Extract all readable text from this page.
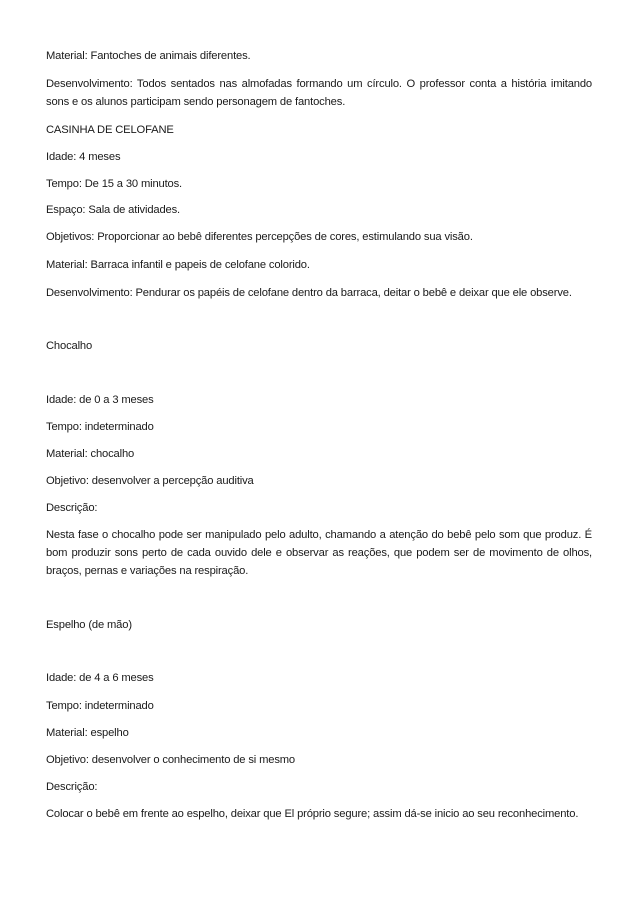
Material: Fantoches de animais diferentes.
Desenvolvimento: Todos sentados nas almofadas formando um círculo. O professor conta a história imitando sons e os alunos participam sendo personagem de fantoches.
CASINHA DE CELOFANE
Idade: 4 meses
Tempo: De 15 a 30 minutos.
Espaço: Sala de atividades.
Objetivos: Proporcionar ao bebê diferentes percepções de cores, estimulando sua visão.
Material: Barraca infantil e papeis de celofane colorido.
Desenvolvimento: Pendurar os papéis de celofane dentro da barraca, deitar o bebê e deixar que ele observe.
Chocalho
Idade: de 0 a 3 meses
Tempo: indeterminado
Material: chocalho
Objetivo: desenvolver a percepção auditiva
Descrição:
Nesta fase o chocalho pode ser manipulado pelo adulto, chamando a atenção do bebê pelo som que produz. É bom produzir sons perto de cada ouvido dele e observar as reações, que podem ser de movimento de olhos, braços, pernas e variações na respiração.
Espelho (de mão)
Idade: de 4 a 6 meses
Tempo: indeterminado
Material: espelho
Objetivo: desenvolver o conhecimento de si mesmo
Descrição:
Colocar o bebê em frente ao espelho, deixar que El próprio segure; assim dá-se inicio ao seu reconhecimento.
